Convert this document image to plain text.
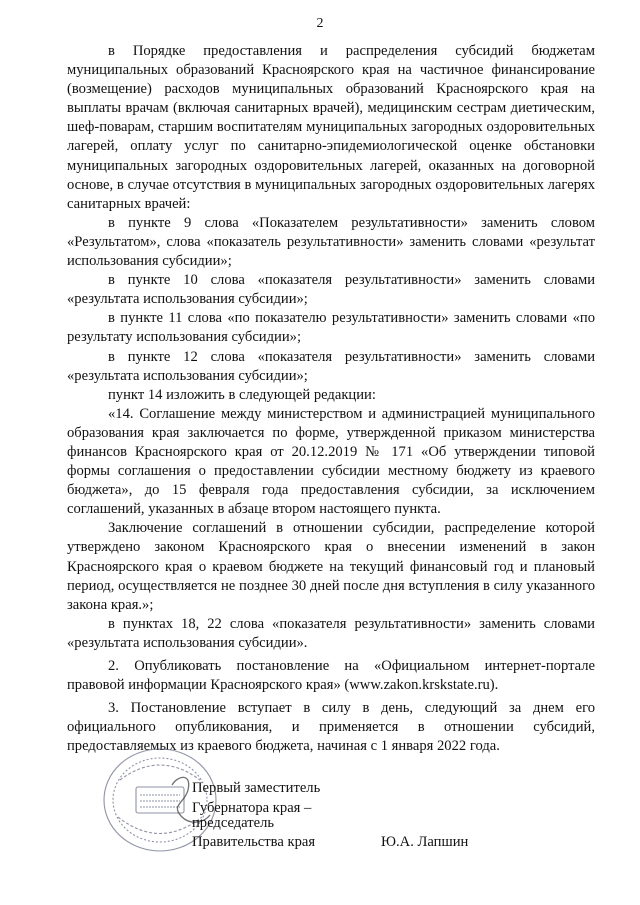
2

в Порядке предоставления и распределения субсидий бюджетам муниципальных образований Красноярского края на частичное финансирование (возмещение) расходов муниципальных образований Красноярского края на выплаты врачам (включая санитарных врачей), медицинским сестрам диетическим, шеф-поварам, старшим воспитателям муниципальных загородных оздоровительных лагерей, оплату услуг по санитарно-эпидемиологической оценке обстановки муниципальных загородных оздоровительных лагерей, оказанных на договорной основе, в случае отсутствия в муниципальных загородных оздоровительных лагерях санитарных врачей:

в пункте 9 слова «Показателем результативности» заменить словом «Результатом», слова «показатель результативности» заменить словами «результат использования субсидии»;

в пункте 10 слова «показателя результативности» заменить словами «результата использования субсидии»;

в пункте 11 слова «по показателю результативности» заменить словами «по результату использования субсидии»;

в пункте 12 слова «показателя результативности» заменить словами «результата использования субсидии»;

пункт 14 изложить в следующей редакции:

«14. Соглашение между министерством и администрацией муниципального образования края заключается по форме, утвержденной приказом министерства финансов Красноярского края от 20.12.2019 № 171 «Об утверждении типовой формы соглашения о предоставлении субсидии местному бюджету из краевого бюджета», до 15 февраля года предоставления субсидии, за исключением соглашений, указанных в абзаце втором настоящего пункта.

Заключение соглашений в отношении субсидии, распределение которой утверждено законом Красноярского края о внесении изменений в закон Красноярского края о краевом бюджете на текущий финансовый год и плановый период, осуществляется не позднее 30 дней после дня вступления в силу указанного закона края.»;

в пунктах 18, 22 слова «показателя результативности» заменить словами «результата использования субсидии».

2. Опубликовать постановление на «Официальном интернет-портале правовой информации Красноярского края» (www.zakon.krskstate.ru).

3. Постановление вступает в силу в день, следующий за днем его официального опубликования, и применяется в отношении субсидий, предоставляемых из краевого бюджета, начиная с 1 января 2022 года.

Первый заместитель
Губернатора края –
председатель
Правительства края	Ю.А. Лапшин
